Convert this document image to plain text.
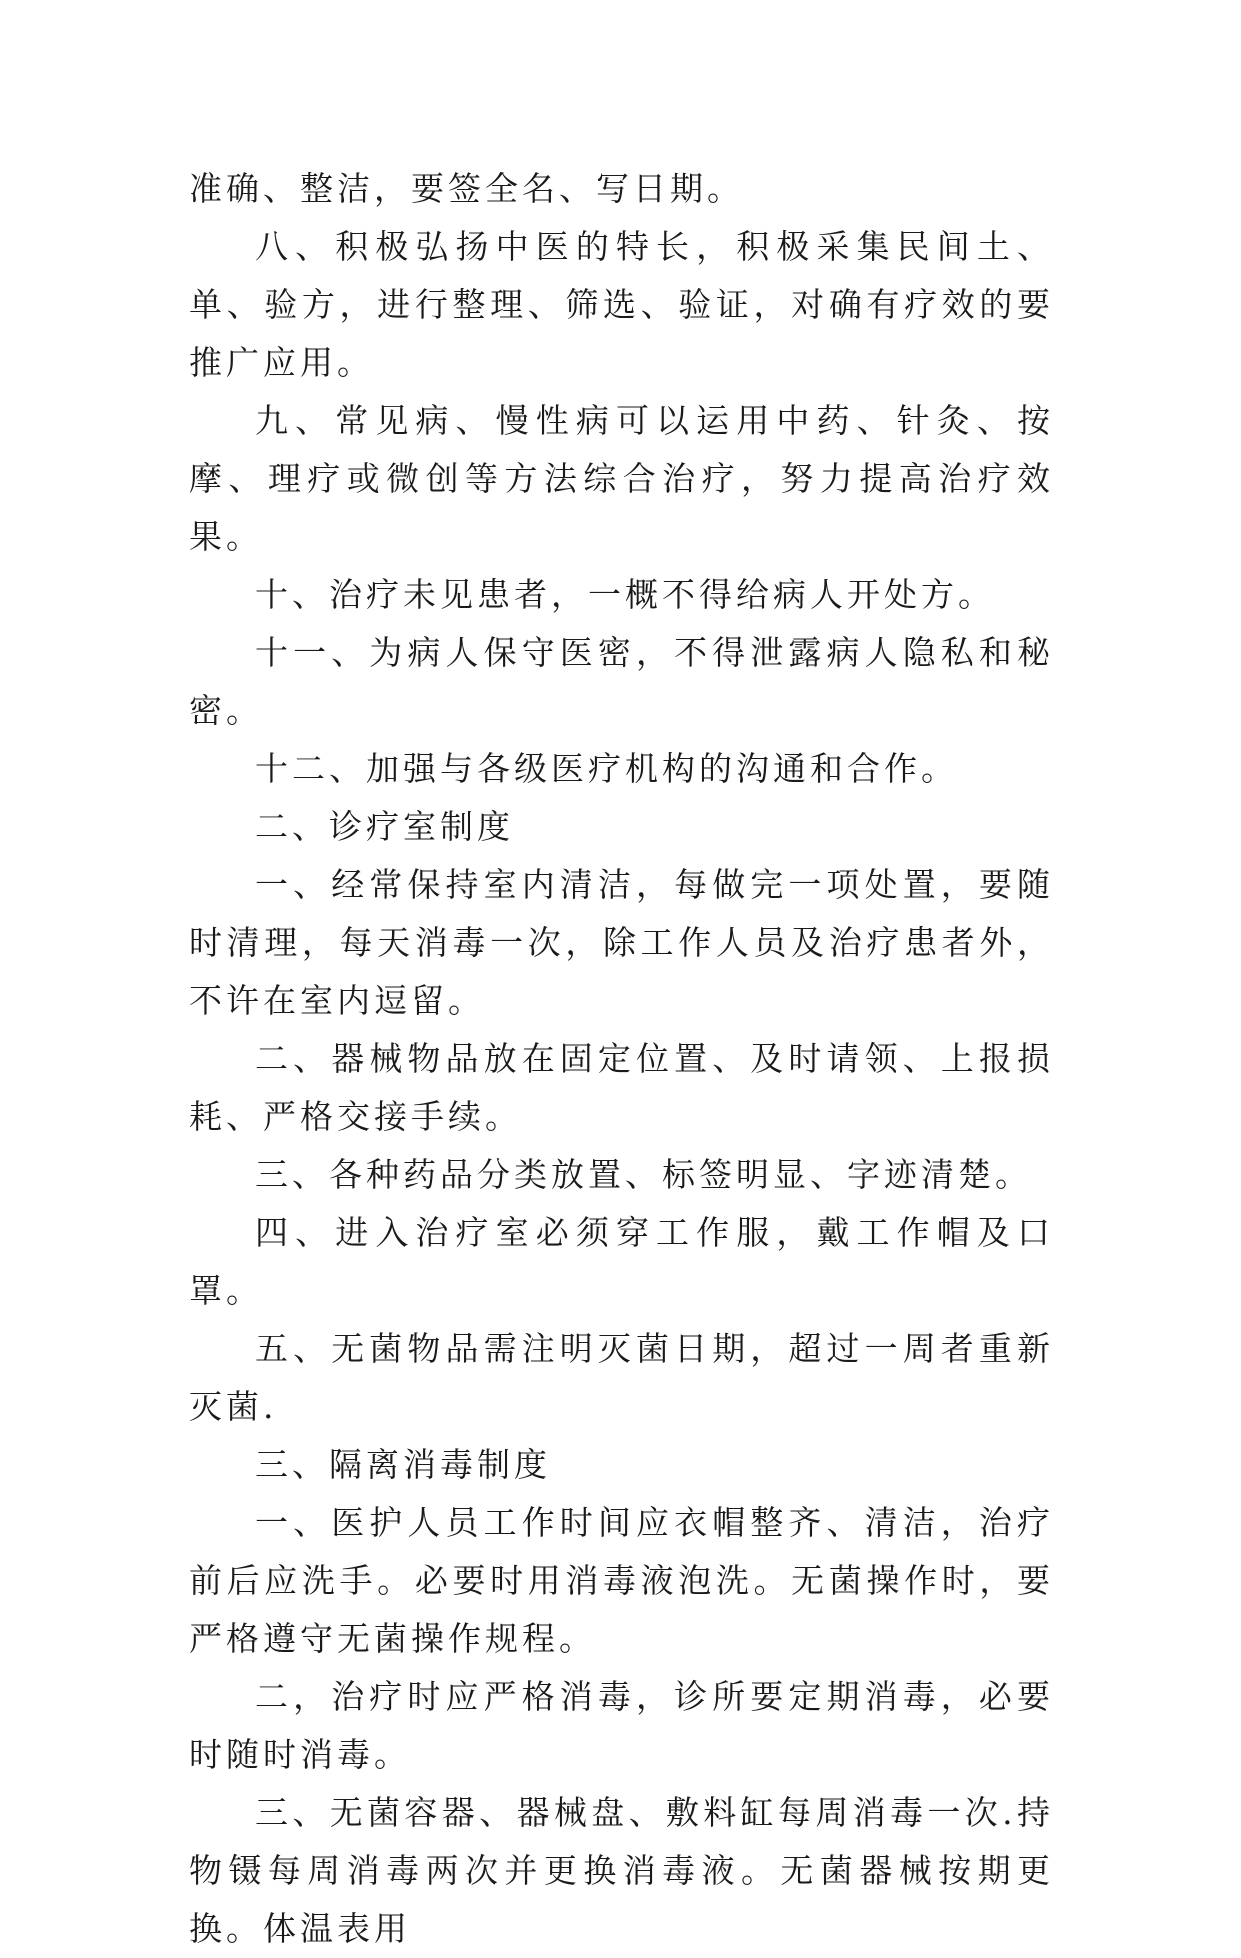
准确、整洁，要签全名、写日期。

八、积极弘扬中医的特长，积极采集民间土、单、验方，进行整理、筛选、验证，对确有疗效的要推广应用。

九、常见病、慢性病可以运用中药、针灸、按摩、理疗或微创等方法综合治疗，努力提高治疗效果。

十、治疗未见患者，一概不得给病人开处方。

十一、为病人保守医密，不得泄露病人隐私和秘密。

十二、加强与各级医疗机构的沟通和合作。

二、诊疗室制度

一、经常保持室内清洁，每做完一项处置，要随时清理，每天消毒一次，除工作人员及治疗患者外，不许在室内逗留。

二、器械物品放在固定位置、及时请领、上报损耗、严格交接手续。

三、各种药品分类放置、标签明显、字迹清楚。

四、进入治疗室必须穿工作服，戴工作帽及口罩。

五、无菌物品需注明灭菌日期，超过一周者重新灭菌.

三、隔离消毒制度

一、医护人员工作时间应衣帽整齐、清洁，治疗前后应洗手。必要时用消毒液泡洗。无菌操作时，要严格遵守无菌操作规程。

二，治疗时应严格消毒，诊所要定期消毒，必要时随时消毒。

三、无菌容器、器械盘、敷料缸每周消毒一次.持物镊每周消毒两次并更换消毒液。无菌器械按期更换。体温表用
